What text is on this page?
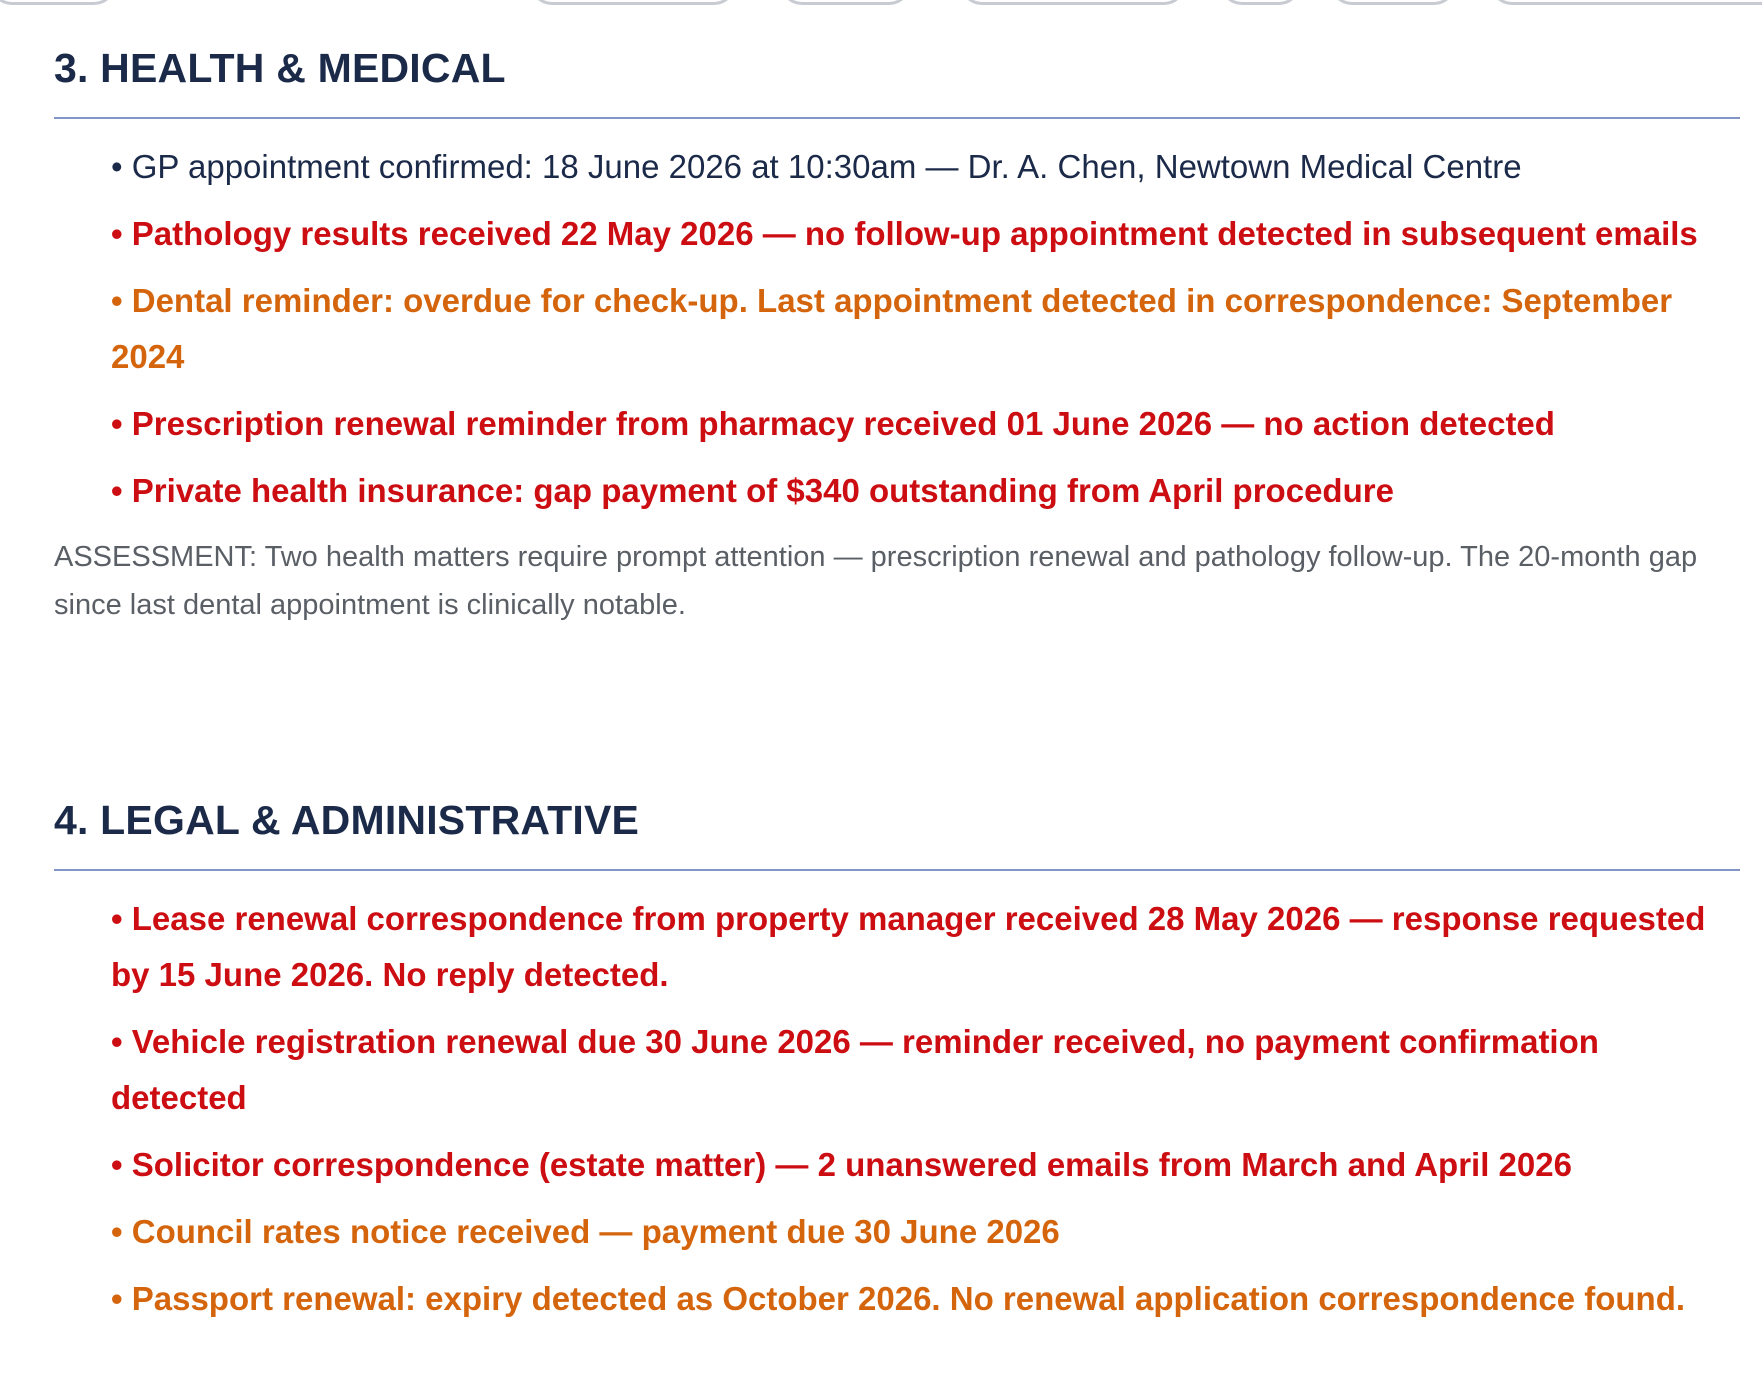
3. HEALTH & MEDICAL
• GP appointment confirmed: 18 June 2026 at 10:30am — Dr. A. Chen, Newtown Medical Centre
• Pathology results received 22 May 2026 — no follow-up appointment detected in subsequent emails
• Dental reminder: overdue for check-up. Last appointment detected in correspondence: September 2024
• Prescription renewal reminder from pharmacy received 01 June 2026 — no action detected
• Private health insurance: gap payment of $340 outstanding from April procedure

ASSESSMENT: Two health matters require prompt attention — prescription renewal and pathology follow-up. The 20-month gap since last dental appointment is clinically notable.

4. LEGAL & ADMINISTRATIVE
• Lease renewal correspondence from property manager received 28 May 2026 — response requested by 15 June 2026. No reply detected.
• Vehicle registration renewal due 30 June 2026 — reminder received, no payment confirmation detected
• Solicitor correspondence (estate matter) — 2 unanswered emails from March and April 2026
• Council rates notice received — payment due 30 June 2026
• Passport renewal: expiry detected as October 2026. No renewal application correspondence found.
